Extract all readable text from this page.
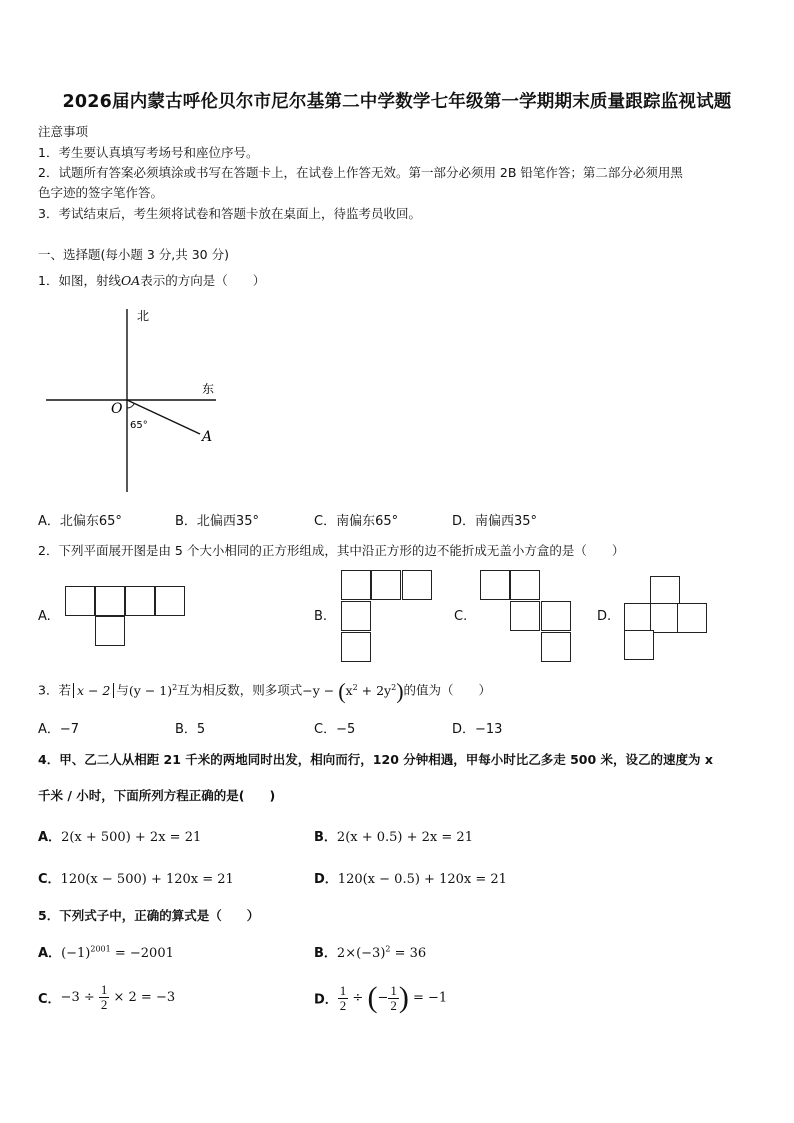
2026届内蒙古呼伦贝尔市尼尔基第二中学数学七年级第一学期期末质量跟踪监视试题
注意事项
1．考生要认真填写考场号和座位序号。
2．试题所有答案必须填涂或书写在答题卡上，在试卷上作答无效。第一部分必须用 2B 铅笔作答；第二部分必须用黑
色字迹的签字笔作答。
3．考试结束后，考生须将试卷和答题卡放在桌面上，待监考员收回。
一、选择题(每小题 3 分,共 30 分)
1．如图，射线OA表示的方向是（　　）
北
东
O
A
65°
A．北偏东65°	B．北偏西35°	C．南偏东65°	D．南偏西35°
2．下列平面展开图是由 5 个大小相同的正方形组成，其中沿正方形的边不能折成无盖小方盒的是（　　）
A.	B.	C.	D.
3．若 x − 2 与$(y - 1)^2$互为相反数，则多项式$-y - (x^2 + 2y^2)$的值为（　　）
A．−7	B．5	C．−5	D．−13
4．甲、乙二人从相距 21 千米的两地同时出发，相向而行，120 分钟相遇，甲每小时比乙多走 500 米，设乙的速度为 x
千米 / 小时，下面所列方程正确的是(　　)
A．2(x + 500) + 2x = 21	B．2(x + 0.5) + 2x = 21
C．120(x − 500) + 120x = 21	D．120(x − 0.5) + 120x = 21
5．下列式子中，正确的算式是（　　）
A．$(-1)^{2001} = -2001$	B．$2\times(-3)^2 = 36$
C．$-3 \div \frac{1}{2} \times 2 = -3$	D． $\frac{1}{2}$ ÷ (− $\frac{1}{2}$ ) = −1
